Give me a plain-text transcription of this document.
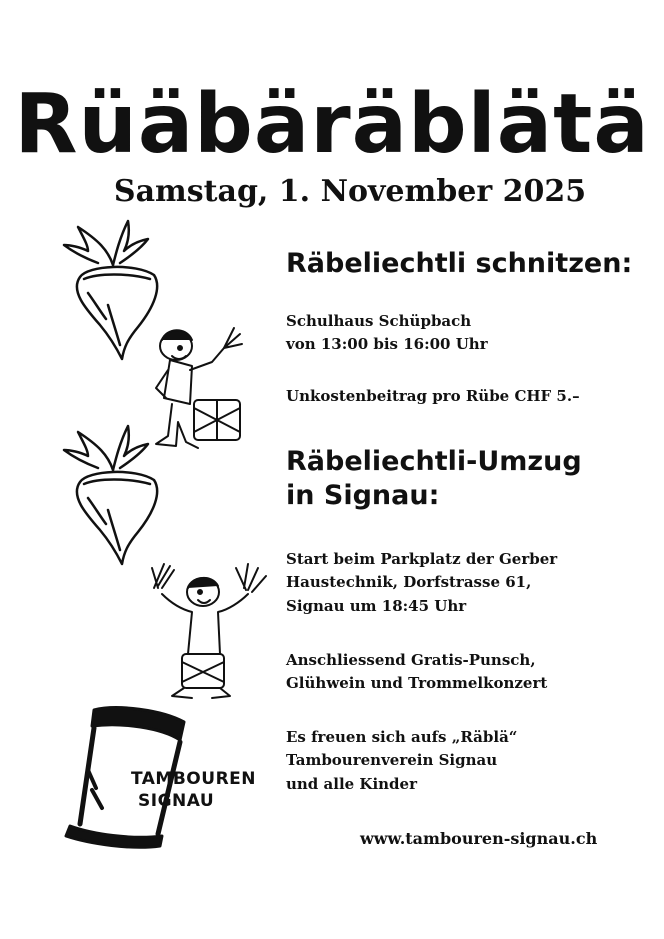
Rüäbäräblätä
Samstag, 1. November 2025
Räbeliechtli schnitzen:
Schulhaus Schüpbach
von 13:00 bis 16:00 Uhr
Unkostenbeitrag pro Rübe CHF 5.–
Räbeliechtli-Umzug
in Signau:
Start beim Parkplatz der Gerber
Haustechnik, Dorfstrasse 61,
Signau um 18:45 Uhr
Anschliessend Gratis-Punsch,
Glühwein und Trommelkonzert
Es freuen sich aufs „Räblä“
Tambourenverein Signau
und alle Kinder
www.tambouren-signau.ch
TAMBOUREN
SIGNAU
